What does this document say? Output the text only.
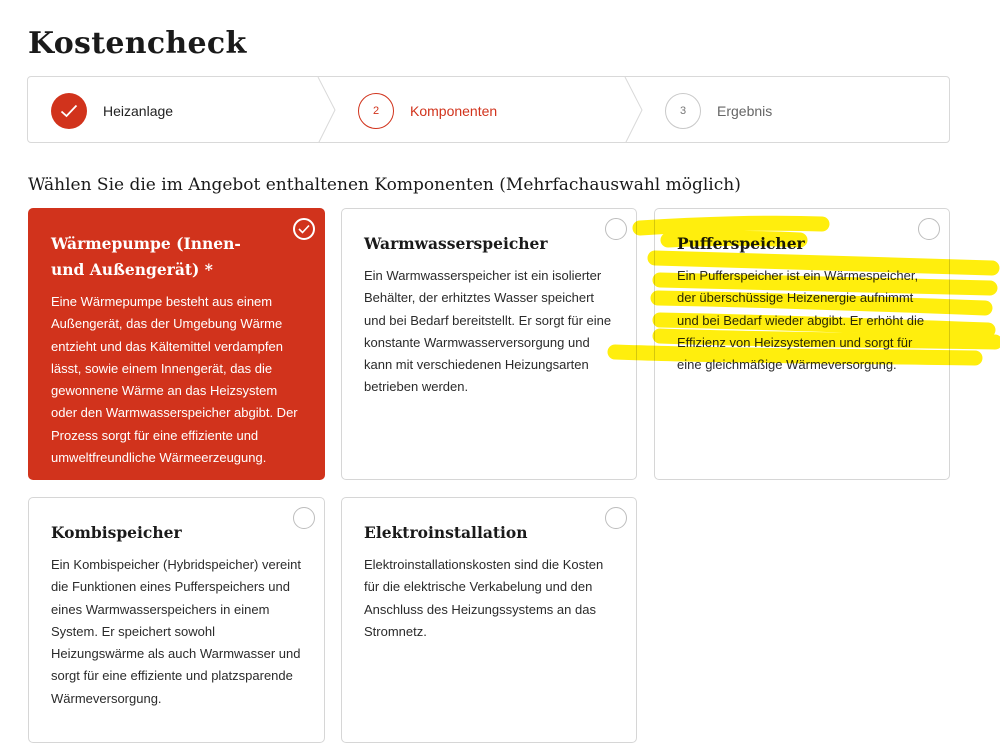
Kostencheck
Heizanlage	2	Komponenten	3	Ergebnis
Wählen Sie die im Angebot enthaltenen Komponenten (Mehrfachauswahl möglich)
Wärmepumpe (Innen- und Außengerät) *

Eine Wärmepumpe besteht aus einem Außengerät, das der Umgebung Wärme entzieht und das Kältemittel verdampfen lässt, sowie einem Innengerät, das die gewonnene Wärme an das Heizsystem oder den Warmwasserspeicher abgibt. Der Prozess sorgt für eine effiziente und umweltfreundliche Wärmeerzeugung.

Warmwasserspeicher

Ein Warmwasserspeicher ist ein isolierter Behälter, der erhitztes Wasser speichert und bei Bedarf bereitstellt. Er sorgt für eine konstante Warmwasserversorgung und kann mit verschiedenen Heizungsarten betrieben werden.

Pufferspeicher

Ein Pufferspeicher ist ein Wärmespeicher, der überschüssige Heizenergie aufnimmt und bei Bedarf wieder abgibt. Er erhöht die Effizienz von Heizsystemen und sorgt für eine gleichmäßige Wärmeversorgung.

Kombispeicher

Ein Kombispeicher (Hybridspeicher) vereint die Funktionen eines Pufferspeichers und eines Warmwasserspeichers in einem System. Er speichert sowohl Heizungswärme als auch Warmwasser und sorgt für eine effiziente und platzsparende Wärmeversorgung.

Elektroinstallation

Elektroinstallationskosten sind die Kosten für die elektrische Verkabelung und den Anschluss des Heizungssystems an das Stromnetz.
